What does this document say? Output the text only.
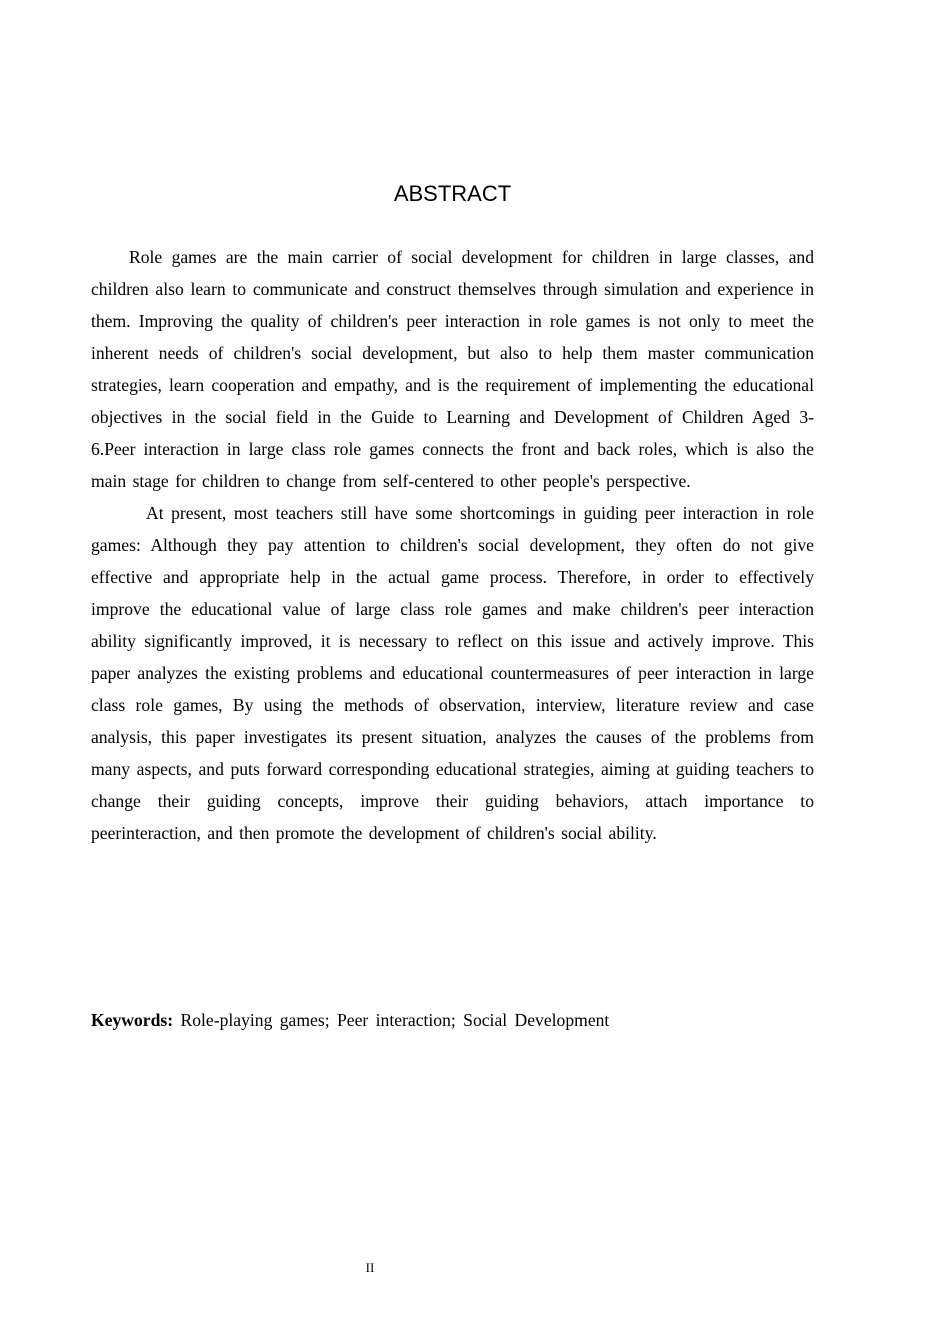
ABSTRACT

Role games are the main carrier of social development for children in large classes, and children also learn to communicate and construct themselves through simulation and experience in them. Improving the quality of children's peer interaction in role games is not only to meet the inherent needs of children's social development, but also to help them master communication strategies, learn cooperation and empathy, and is the requirement of implementing the educational objectives in the social field in the Guide to Learning and Development of Children Aged 3-6.Peer interaction in large class role games connects the front and back roles, which is also the main stage for children to change from self-centered to other people's perspective.

At present, most teachers still have some shortcomings in guiding peer interaction in role games: Although they pay attention to children's social development, they often do not give effective and appropriate help in the actual game process. Therefore, in order to effectively improve the educational value of large class role games and make children's peer interaction ability significantly improved, it is necessary to reflect on this issue and actively improve. This paper analyzes the existing problems and educational countermeasures of peer interaction in large class role games, By using the methods of observation, interview, literature review and case analysis, this paper investigates its present situation, analyzes the causes of the problems from many aspects, and puts forward corresponding educational strategies, aiming at guiding teachers to change their guiding concepts, improve their guiding behaviors, attach importance to peerinteraction, and then promote the development of children's social ability.

Keywords: Role-playing games; Peer interaction; Social Development
II
